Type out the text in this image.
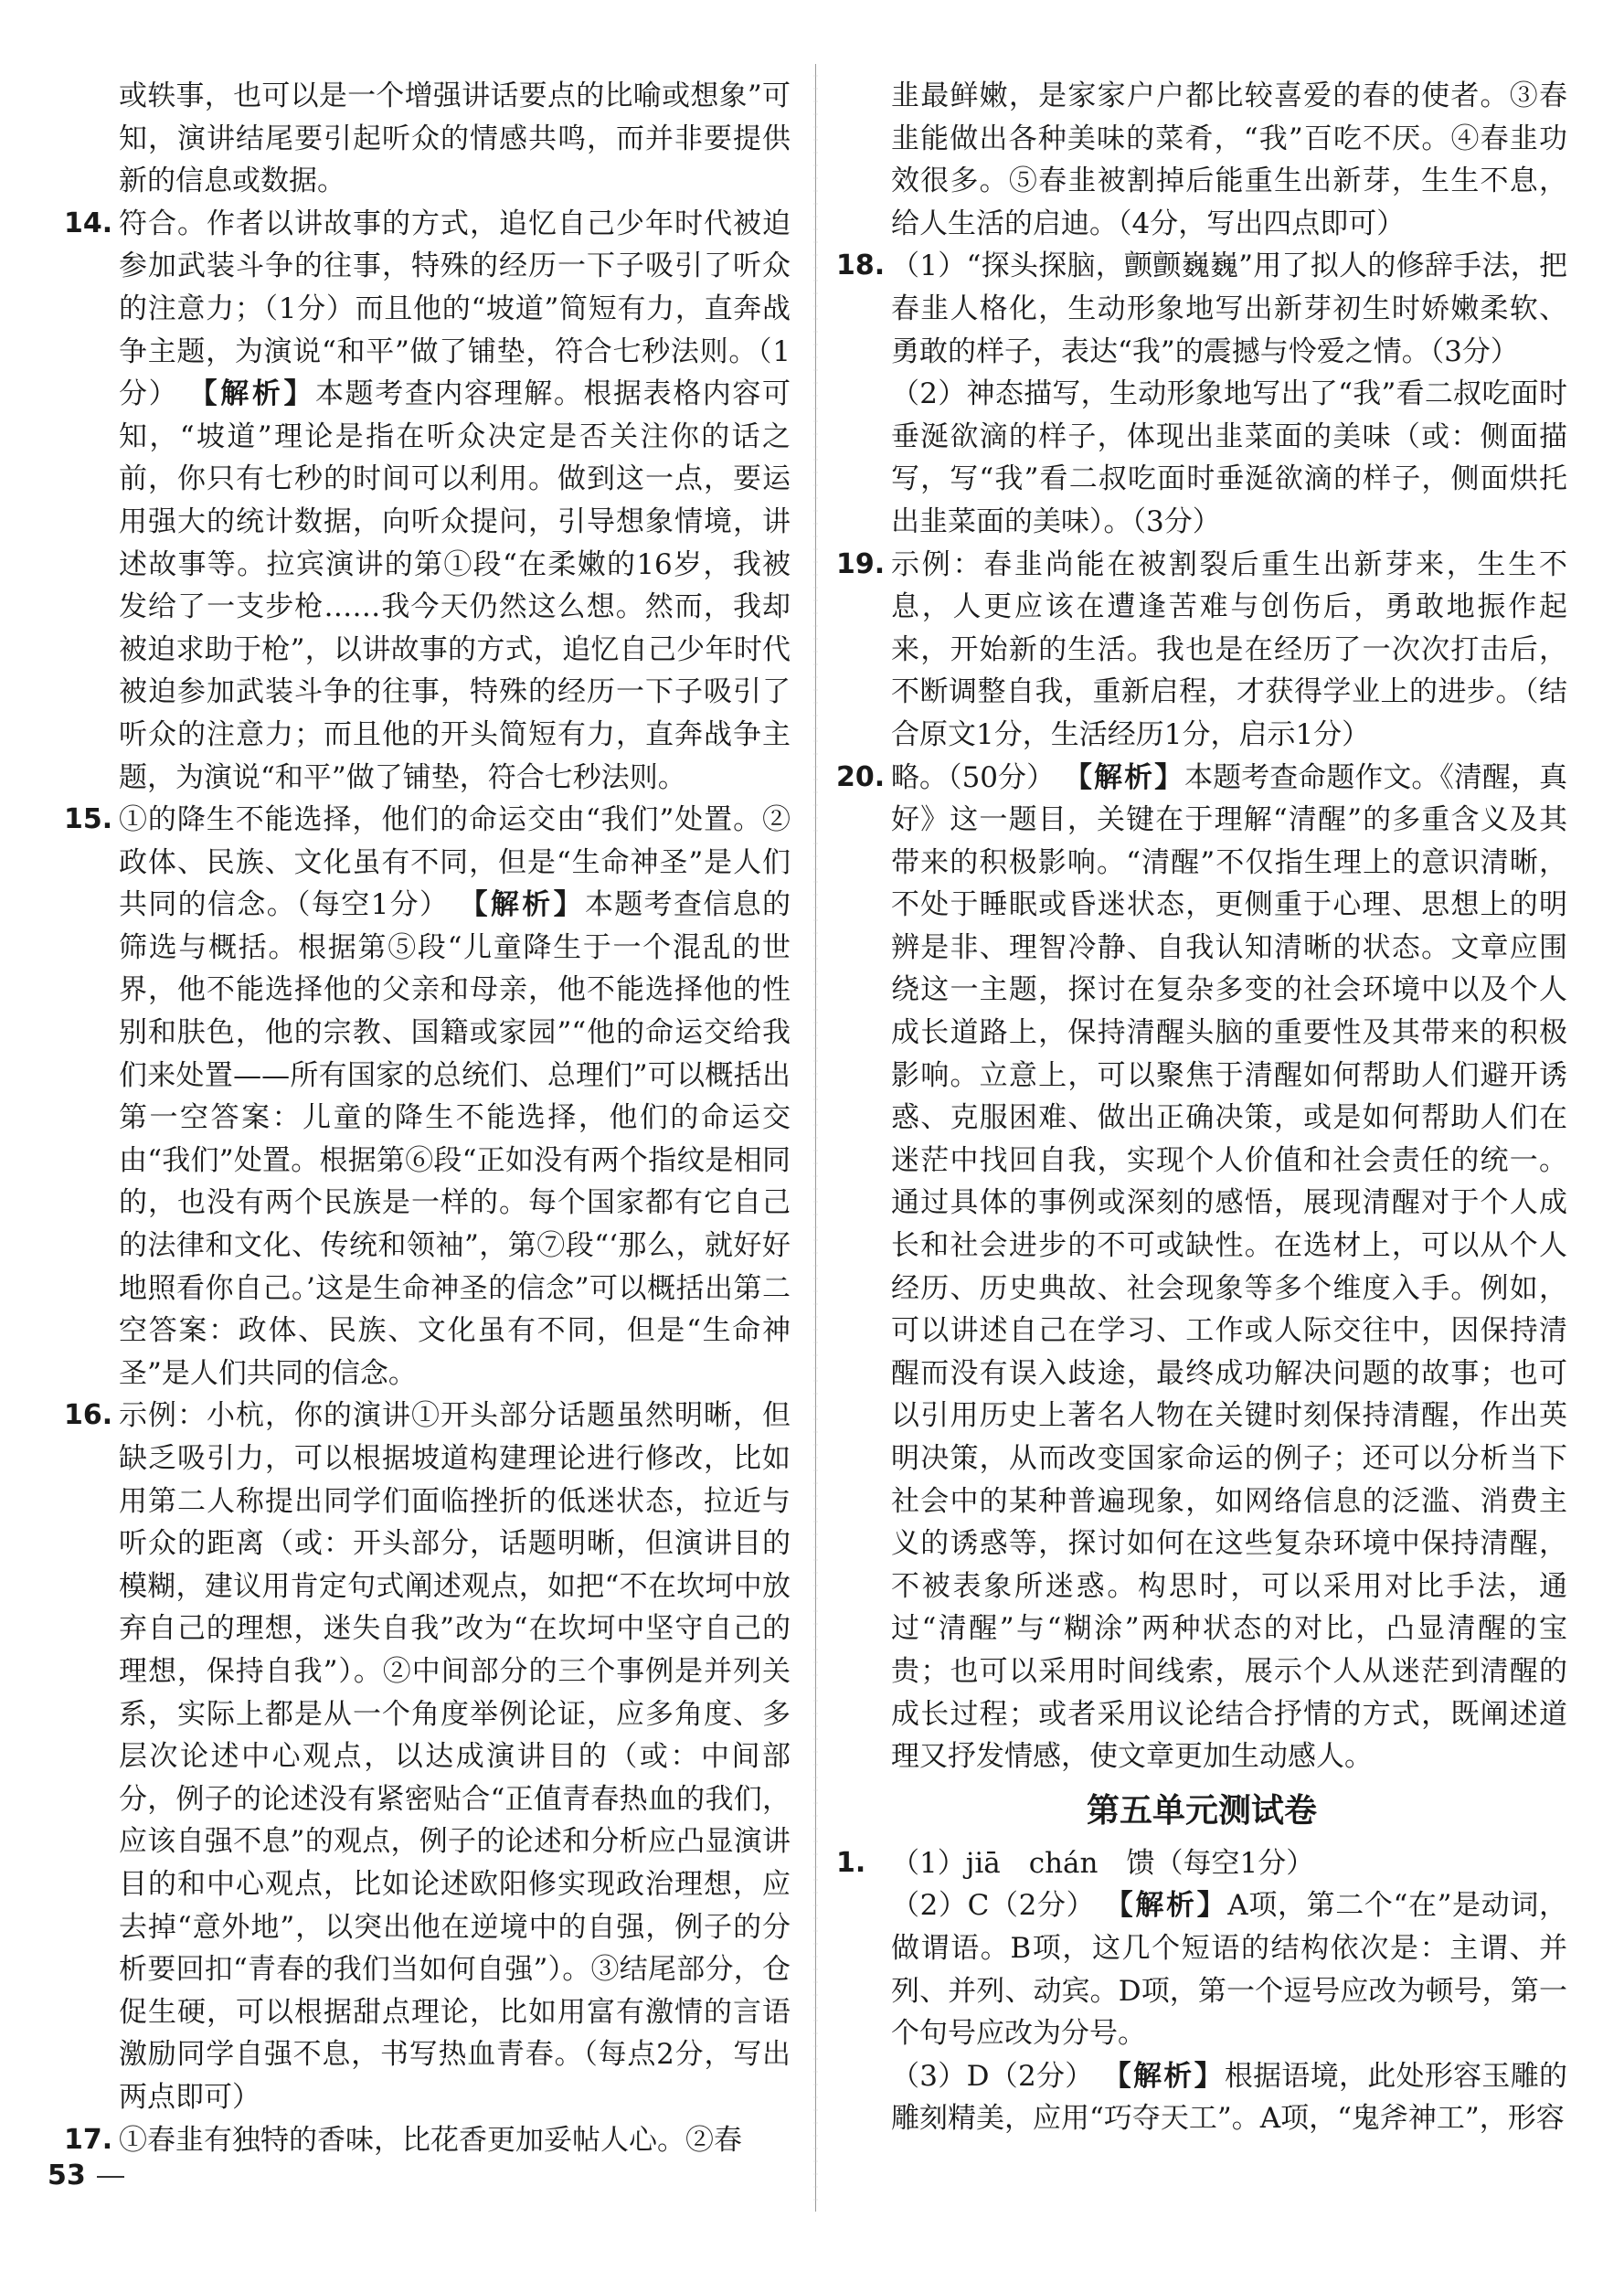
或轶事，也可以是一个增强讲话要点的比喻或想象”可知，演讲结尾要引起听众的情感共鸣，而并非要提供新的信息或数据。

14. 符合。作者以讲故事的方式，追忆自己少年时代被迫参加武装斗争的往事，特殊的经历一下子吸引了听众的注意力；（1分）而且他的“坡道”简短有力，直奔战争主题，为演说“和平”做了铺垫，符合七秒法则。（1分） 【解析】本题考查内容理解。根据表格内容可知，“坡道”理论是指在听众决定是否关注你的话之前，你只有七秒的时间可以利用。做到这一点，要运用强大的统计数据，向听众提问，引导想象情境，讲述故事等。拉宾演讲的第①段“在柔嫩的16岁，我被发给了一支步枪……我今天仍然这么想。然而，我却被迫求助于枪”，以讲故事的方式，追忆自己少年时代被迫参加武装斗争的往事，特殊的经历一下子吸引了听众的注意力；而且他的开头简短有力，直奔战争主题，为演说“和平”做了铺垫，符合七秒法则。

15. ①的降生不能选择，他们的命运交由“我们”处置。②政体、民族、文化虽有不同，但是“生命神圣”是人们共同的信念。（每空1分） 【解析】本题考查信息的筛选与概括。根据第⑤段“儿童降生于一个混乱的世界，他不能选择他的父亲和母亲，他不能选择他的性别和肤色，他的宗教、国籍或家园”“他的命运交给我们来处置——所有国家的总统们、总理们”可以概括出第一空答案：儿童的降生不能选择，他们的命运交由“我们”处置。根据第⑥段“正如没有两个指纹是相同的，也没有两个民族是一样的。每个国家都有它自己的法律和文化、传统和领袖”，第⑦段“‘那么，就好好地照看你自己。’这是生命神圣的信念”可以概括出第二空答案：政体、民族、文化虽有不同，但是“生命神圣”是人们共同的信念。

16. 示例：小杭，你的演讲①开头部分话题虽然明晰，但缺乏吸引力，可以根据坡道构建理论进行修改，比如用第二人称提出同学们面临挫折的低迷状态，拉近与听众的距离（或：开头部分，话题明晰，但演讲目的模糊，建议用肯定句式阐述观点，如把“不在坎坷中放弃自己的理想，迷失自我”改为“在坎坷中坚守自己的理想，保持自我”）。②中间部分的三个事例是并列关系，实际上都是从一个角度举例论证，应多角度、多层次论述中心观点，以达成演讲目的（或：中间部分，例子的论述没有紧密贴合“正值青春热血的我们，应该自强不息”的观点，例子的论述和分析应凸显演讲目的和中心观点，比如论述欧阳修实现政治理想，应去掉“意外地”，以突出他在逆境中的自强，例子的分析要回扣“青春的我们当如何自强”）。③结尾部分，仓促生硬，可以根据甜点理论，比如用富有激情的言语激励同学自强不息，书写热血青春。（每点2分，写出两点即可）

17. ①春韭有独特的香味，比花香更加妥帖人心。②春

韭最鲜嫩，是家家户户都比较喜爱的春的使者。③春韭能做出各种美味的菜肴，“我”百吃不厌。④春韭功效很多。⑤春韭被割掉后能重生出新芽，生生不息，给人生活的启迪。（4分，写出四点即可）

18. （1）“探头探脑，颤颤巍巍”用了拟人的修辞手法，把春韭人格化，生动形象地写出新芽初生时娇嫩柔软、勇敢的样子，表达“我”的震撼与怜爱之情。（3分）
（2）神态描写，生动形象地写出了“我”看二叔吃面时垂涎欲滴的样子，体现出韭菜面的美味（或：侧面描写，写“我”看二叔吃面时垂涎欲滴的样子，侧面烘托出韭菜面的美味）。（3分）

19. 示例：春韭尚能在被割裂后重生出新芽来，生生不息，人更应该在遭逢苦难与创伤后，勇敢地振作起来，开始新的生活。我也是在经历了一次次打击后，不断调整自我，重新启程，才获得学业上的进步。（结合原文1分，生活经历1分，启示1分）

20. 略。（50分） 【解析】本题考查命题作文。《清醒，真好》这一题目，关键在于理解“清醒”的多重含义及其带来的积极影响。“清醒”不仅指生理上的意识清晰，不处于睡眠或昏迷状态，更侧重于心理、思想上的明辨是非、理智冷静、自我认知清晰的状态。文章应围绕这一主题，探讨在复杂多变的社会环境中以及个人成长道路上，保持清醒头脑的重要性及其带来的积极影响。立意上，可以聚焦于清醒如何帮助人们避开诱惑、克服困难、做出正确决策，或是如何帮助人们在迷茫中找回自我，实现个人价值和社会责任的统一。通过具体的事例或深刻的感悟，展现清醒对于个人成长和社会进步的不可或缺性。在选材上，可以从个人经历、历史典故、社会现象等多个维度入手。例如，可以讲述自己在学习、工作或人际交往中，因保持清醒而没有误入歧途，最终成功解决问题的故事；也可以引用历史上著名人物在关键时刻保持清醒，作出英明决策，从而改变国家命运的例子；还可以分析当下社会中的某种普遍现象，如网络信息的泛滥、消费主义的诱惑等，探讨如何在这些复杂环境中保持清醒，不被表象所迷惑。构思时，可以采用对比手法，通过“清醒”与“糊涂”两种状态的对比，凸显清醒的宝贵；也可以采用时间线索，展示个人从迷茫到清醒的成长过程；或者采用议论结合抒情的方式，既阐述道理又抒发情感，使文章更加生动感人。

第五单元测试卷
1. （1）jiā　chán　馈（每空1分）
（2）C（2分） 【解析】A项，第二个“在”是动词，做谓语。B项，这几个短语的结构依次是：主谓、并列、并列、动宾。D项，第一个逗号应改为顿号，第一个句号应改为分号。
（3）D（2分） 【解析】根据语境，此处形容玉雕的雕刻精美，应用“巧夺天工”。A项，“鬼斧神工”，形容
53
